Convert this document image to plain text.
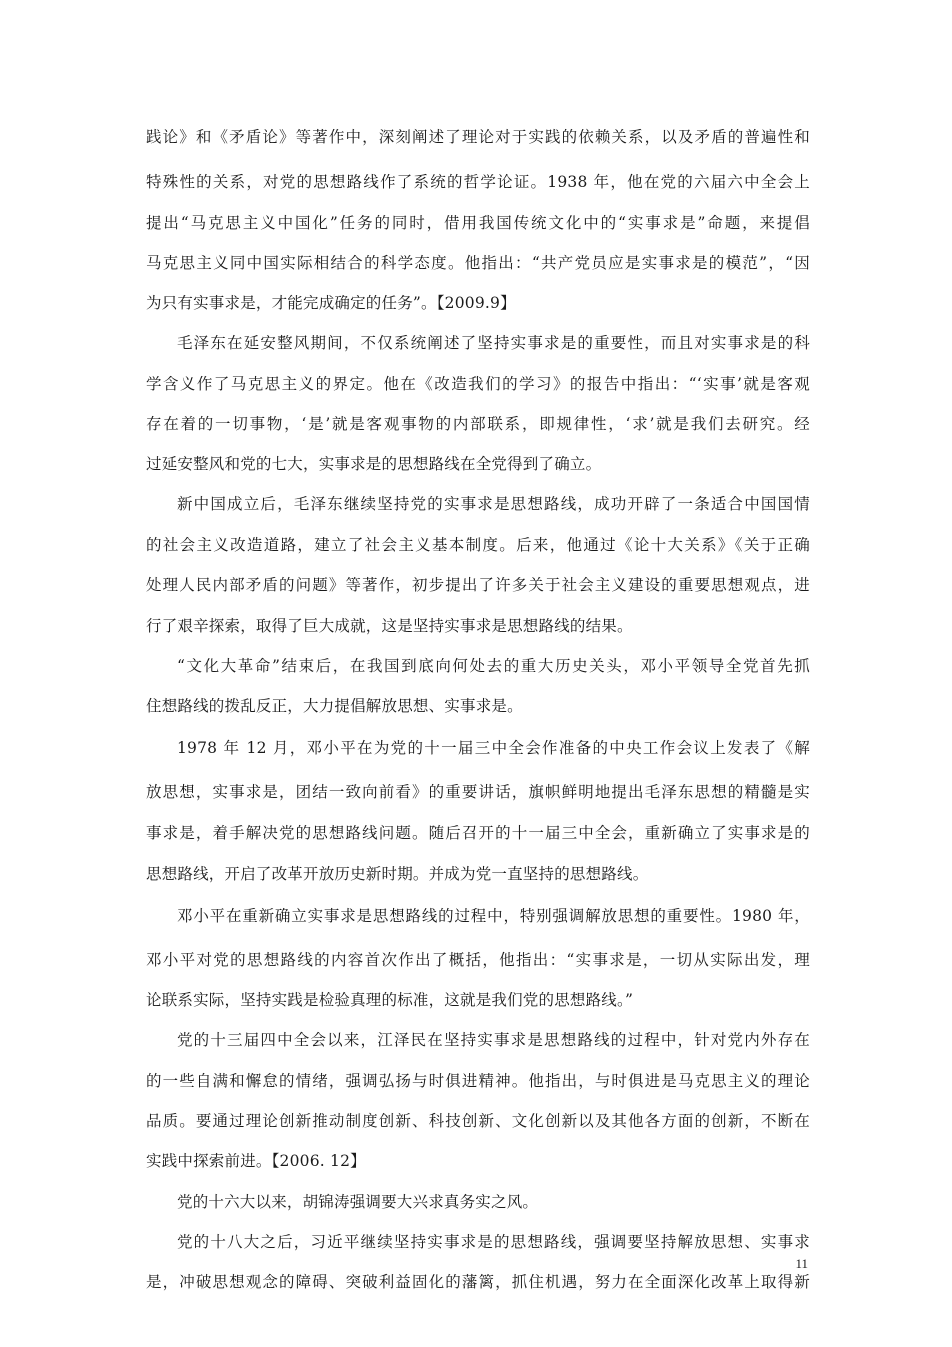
践论》和《矛盾论》等著作中，深刻阐述了理论对于实践的依赖关系，以及矛盾的普遍性和
特殊性的关系，对党的思想路线作了系统的哲学论证。1938 年，他在党的六届六中全会上
提出“马克思主义中国化”任务的同时，借用我国传统文化中的“实事求是”命题，来提倡
马克思主义同中国实际相结合的科学态度。他指出：“共产党员应是实事求是的模范”，“因
为只有实事求是，才能完成确定的任务”。【2009.9】
毛泽东在延安整风期间，不仅系统阐述了坚持实事求是的重要性，而且对实事求是的科
学含义作了马克思主义的界定。他在《改造我们的学习》的报告中指出：“‘实事’就是客观
存在着的一切事物，‘是’就是客观事物的内部联系，即规律性，‘求’就是我们去研究。经
过延安整风和党的七大，实事求是的思想路线在全党得到了确立。
新中国成立后，毛泽东继续坚持党的实事求是思想路线，成功开辟了一条适合中国国情
的社会主义改造道路，建立了社会主义基本制度。后来，他通过《论十大关系》《关于正确
处理人民内部矛盾的问题》等著作，初步提出了许多关于社会主义建设的重要思想观点，进
行了艰辛探索，取得了巨大成就，这是坚持实事求是思想路线的结果。
“文化大革命”结束后，在我国到底向何处去的重大历史关头，邓小平领导全党首先抓
住想路线的拨乱反正，大力提倡解放思想、实事求是。
1978 年 12 月，邓小平在为党的十一届三中全会作准备的中央工作会议上发表了《解
放思想，实事求是，团结一致向前看》的重要讲话，旗帜鲜明地提出毛泽东思想的精髓是实
事求是，着手解决党的思想路线问题。随后召开的十一届三中全会，重新确立了实事求是的
思想路线，开启了改革开放历史新时期。并成为党一直坚持的思想路线。
邓小平在重新确立实事求是思想路线的过程中，特别强调解放思想的重要性。1980 年，
邓小平对党的思想路线的内容首次作出了概括，他指出：“实事求是，一切从实际出发，理
论联系实际，坚持实践是检验真理的标准，这就是我们党的思想路线。”
党的十三届四中全会以来，江泽民在坚持实事求是思想路线的过程中，针对党内外存在
的一些自满和懈怠的情绪，强调弘扬与时俱进精神。他指出，与时俱进是马克思主义的理论
品质。要通过理论创新推动制度创新、科技创新、文化创新以及其他各方面的创新，不断在
实践中探索前进。【2006. 12】
党的十六大以来，胡锦涛强调要大兴求真务实之风。
党的十八大之后，习近平继续坚持实事求是的思想路线，强调要坚持解放思想、实事求
是，冲破思想观念的障碍、突破利益固化的藩篱，抓住机遇，努力在全面深化改革上取得新
11
